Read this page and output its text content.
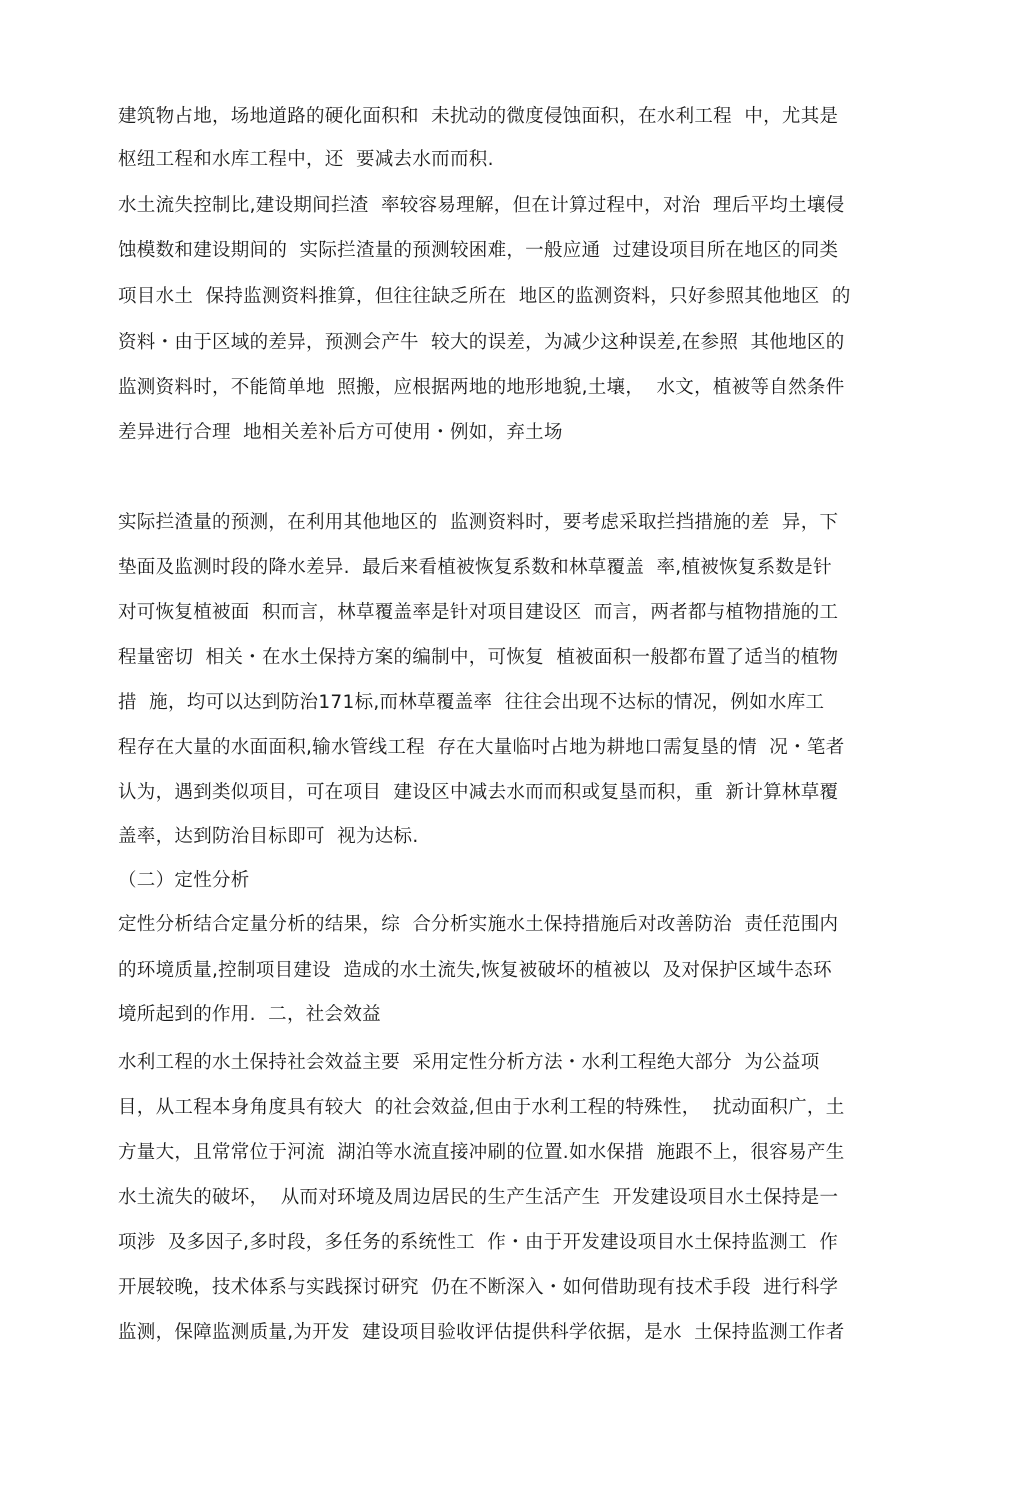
建筑物占地，场地道路的硬化面积和  未扰动的微度侵蚀面积，在水利工程  中，尤其是
枢纽工程和水库工程中，还  要减去水而而积.
水土流失控制比,建设期间拦渣  率较容易理解，但在计算过程中，对治  理后平均土壤侵
蚀模数和建设期间的  实际拦渣量的预测较困难，一般应通  过建设项目所在地区的同类
项目水土  保持监测资料推算，但往往缺乏所在  地区的监测资料，只好参照其他地区  的
资料・由于区域的差异，预测会产牛  较大的误差，为减少这种误差,在参照  其他地区的
监测资料时，不能简单地  照搬，应根据两地的地形地貌,土壤，  水文，植被等自然条件
差异进行合理  地相关差补后方可使用・例如，弃土场
实际拦渣量的预测，在利用其他地区的  监测资料时，要考虑采取拦挡措施的差  异，下
垫面及监测时段的降水差异.  最后来看植被恢复系数和林草覆盖  率,植被恢复系数是针
对可恢复植被面  积而言，林草覆盖率是针对项目建设区  而言，两者都与植物措施的工
程量密切  相关・在水土保持方案的编制中，可恢复  植被面积一般都布置了适当的植物
措  施，均可以达到防治171标,而林草覆盖率  往往会出现不达标的情况，例如水库工
程存在大量的水面面积,输水管线工程  存在大量临吋占地为耕地口需复垦的情  况・笔者
认为，遇到类似项目，可在项目  建设区中减去水而而积或复垦而积，重  新计算林草覆
盖率，达到防治目标即可  视为达标.
（二）定性分析
定性分析结合定量分析的结果，综  合分析实施水土保持措施后对改善防治  责任范围内
的环境质量,控制项目建设  造成的水土流失,恢复被破坏的植被以  及对保护区域牛态环
境所起到的作用.  二，社会效益
水利工程的水土保持社会效益主要  采用定性分析方法・水利工程绝大部分  为公益项
目，从工程本身角度具有较大  的社会效益,但由于水利工程的特殊性，  扰动面积广，土
方量大，且常常位于河流  湖泊等水流直接冲刷的位置.如水保措  施跟不上，很容易产生
水土流失的破坏，  从而对环境及周边居民的生产生活产生  开发建设项目水土保持是一
项涉  及多因子,多时段，多任务的系统性工  作・由于开发建设项目水土保持监测工  作
开展较晚，技术体系与实践探讨研究  仍在不断深入・如何借助现有技术手段  进行科学
监测，保障监测质量,为开发  建设项目验收评估提供科学依据，是水  土保持监测工作者
